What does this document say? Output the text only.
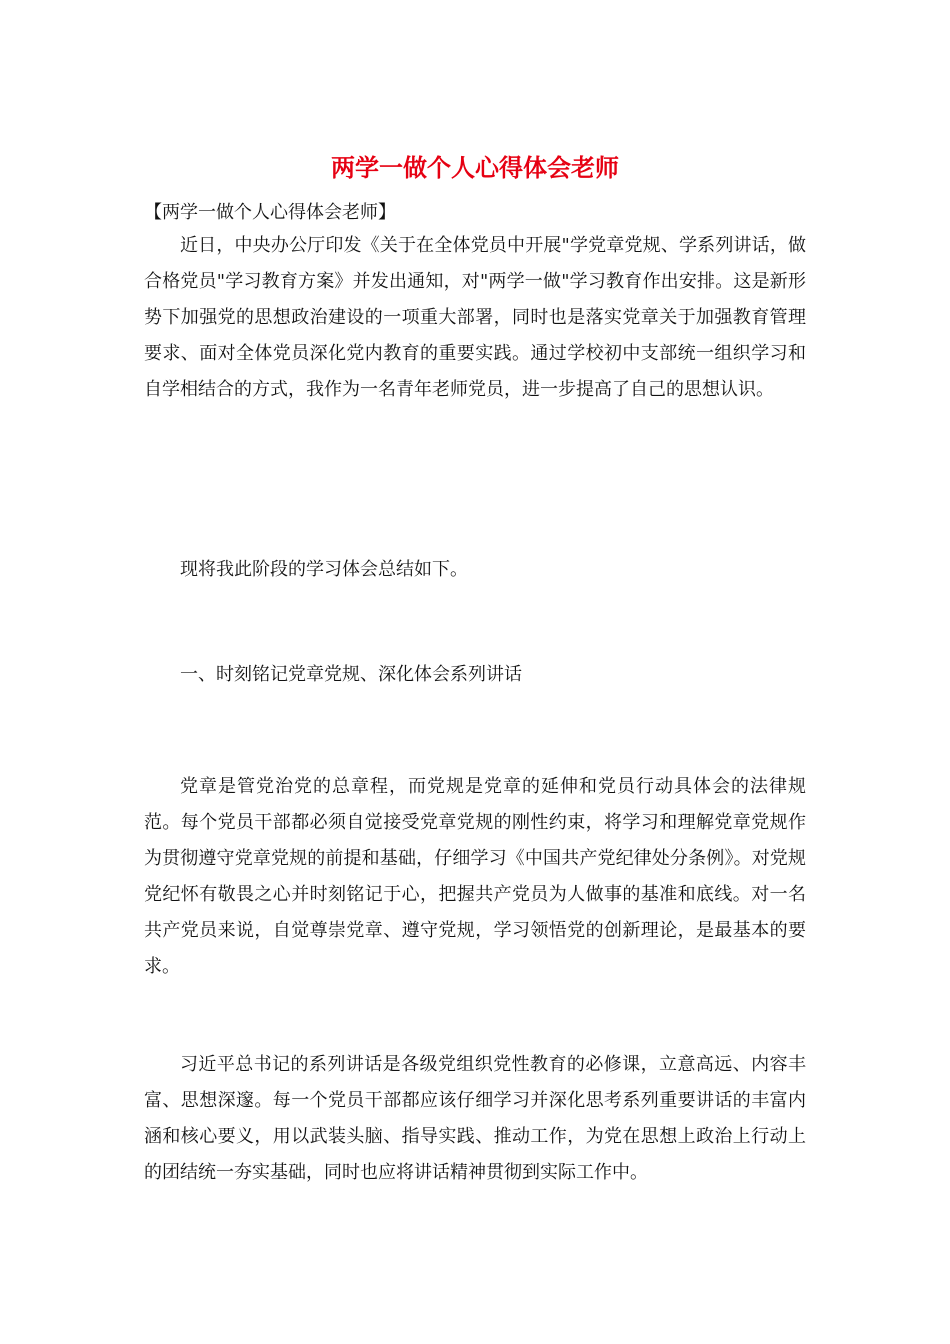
两学一做个人心得体会老师

【两学一做个人心得体会老师】

近日，中央办公厅印发《关于在全体党员中开展"学党章党规、学系列讲话，做合格党员"学习教育方案》并发出通知，对"两学一做"学习教育作出安排。这是新形势下加强党的思想政治建设的一项重大部署，同时也是落实党章关于加强教育管理要求、面对全体党员深化党内教育的重要实践。通过学校初中支部统一组织学习和自学相结合的方式，我作为一名青年老师党员，进一步提高了自己的思想认识。

现将我此阶段的学习体会总结如下。

一、时刻铭记党章党规、深化体会系列讲话

党章是管党治党的总章程，而党规是党章的延伸和党员行动具体会的法律规范。每个党员干部都必须自觉接受党章党规的刚性约束，将学习和理解党章党规作为贯彻遵守党章党规的前提和基础，仔细学习《中国共产党纪律处分条例》。对党规党纪怀有敬畏之心并时刻铭记于心，把握共产党员为人做事的基准和底线。对一名共产党员来说，自觉尊崇党章、遵守党规，学习领悟党的创新理论，是最基本的要求。

习近平总书记的系列讲话是各级党组织党性教育的必修课，立意高远、内容丰富、思想深邃。每一个党员干部都应该仔细学习并深化思考系列重要讲话的丰富内涵和核心要义，用以武装头脑、指导实践、推动工作，为党在思想上政治上行动上的团结统一夯实基础，同时也应将讲话精神贯彻到实际工作中。
